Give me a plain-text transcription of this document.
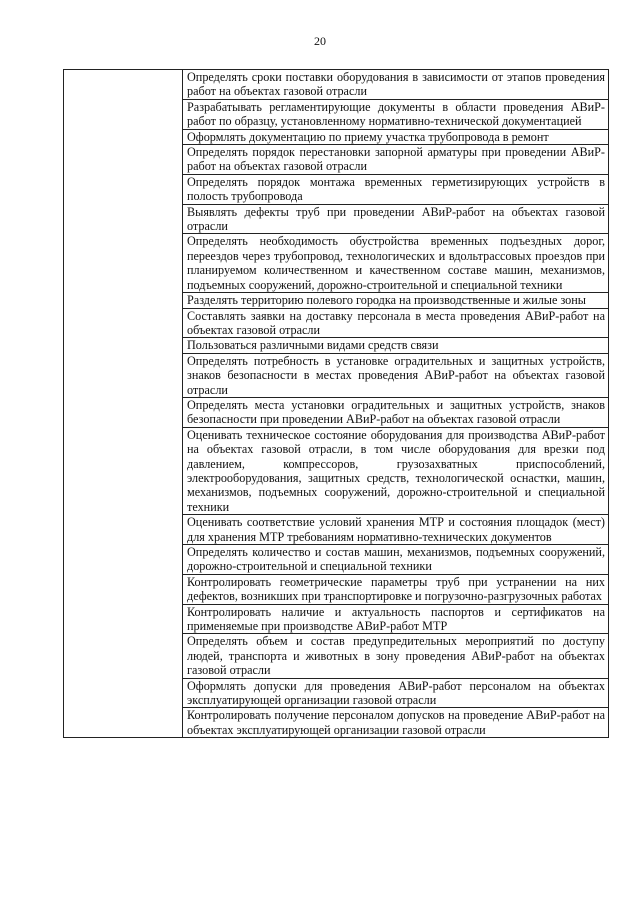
20

Определять сроки поставки оборудования в зависимости от этапов проведения работ на объектах газовой отрасли

Разрабатывать регламентирующие документы в области проведения АВиР-работ по образцу, установленному нормативно-технической документацией

Оформлять документацию по приему участка трубопровода в ремонт

Определять порядок перестановки запорной арматуры при проведении АВиР-работ на объектах газовой отрасли

Определять порядок монтажа временных герметизирующих устройств в полость трубопровода

Выявлять дефекты труб при проведении АВиР-работ на объектах газовой отрасли

Определять необходимость обустройства временных подъездных дорог, переездов через трубопровод, технологических и вдольтрассовых проездов при планируемом количественном и качественном составе машин, механизмов, подъемных сооружений, дорожно-строительной и специальной техники

Разделять территорию полевого городка на производственные и жилые зоны

Составлять заявки на доставку персонала в места проведения АВиР-работ на объектах газовой отрасли

Пользоваться различными видами средств связи

Определять потребность в установке оградительных и защитных устройств, знаков безопасности в местах проведения АВиР-работ на объектах газовой отрасли

Определять места установки оградительных и защитных устройств, знаков безопасности при проведении АВиР-работ на объектах газовой отрасли

Оценивать техническое состояние оборудования для производства АВиР-работ на объектах газовой отрасли, в том числе оборудования для врезки под давлением, компрессоров, грузозахватных приспособлений, электрооборудования, защитных средств, технологической оснастки, машин, механизмов, подъемных сооружений, дорожно-строительной и специальной техники

Оценивать соответствие условий хранения МТР и состояния площадок (мест) для хранения МТР требованиям нормативно-технических документов

Определять количество и состав машин, механизмов, подъемных сооружений, дорожно-строительной и специальной техники

Контролировать геометрические параметры труб при устранении на них дефектов, возникших при транспортировке и погрузочно-разгрузочных работах

Контролировать наличие и актуальность паспортов и сертификатов на применяемые при производстве АВиР-работ МТР

Определять объем и состав предупредительных мероприятий по доступу людей, транспорта и животных в зону проведения АВиР-работ на объектах газовой отрасли

Оформлять допуски для проведения АВиР-работ персоналом на объектах эксплуатирующей организации газовой отрасли

Контролировать получение персоналом допусков на проведение АВиР-работ на объектах эксплуатирующей организации газовой отрасли
